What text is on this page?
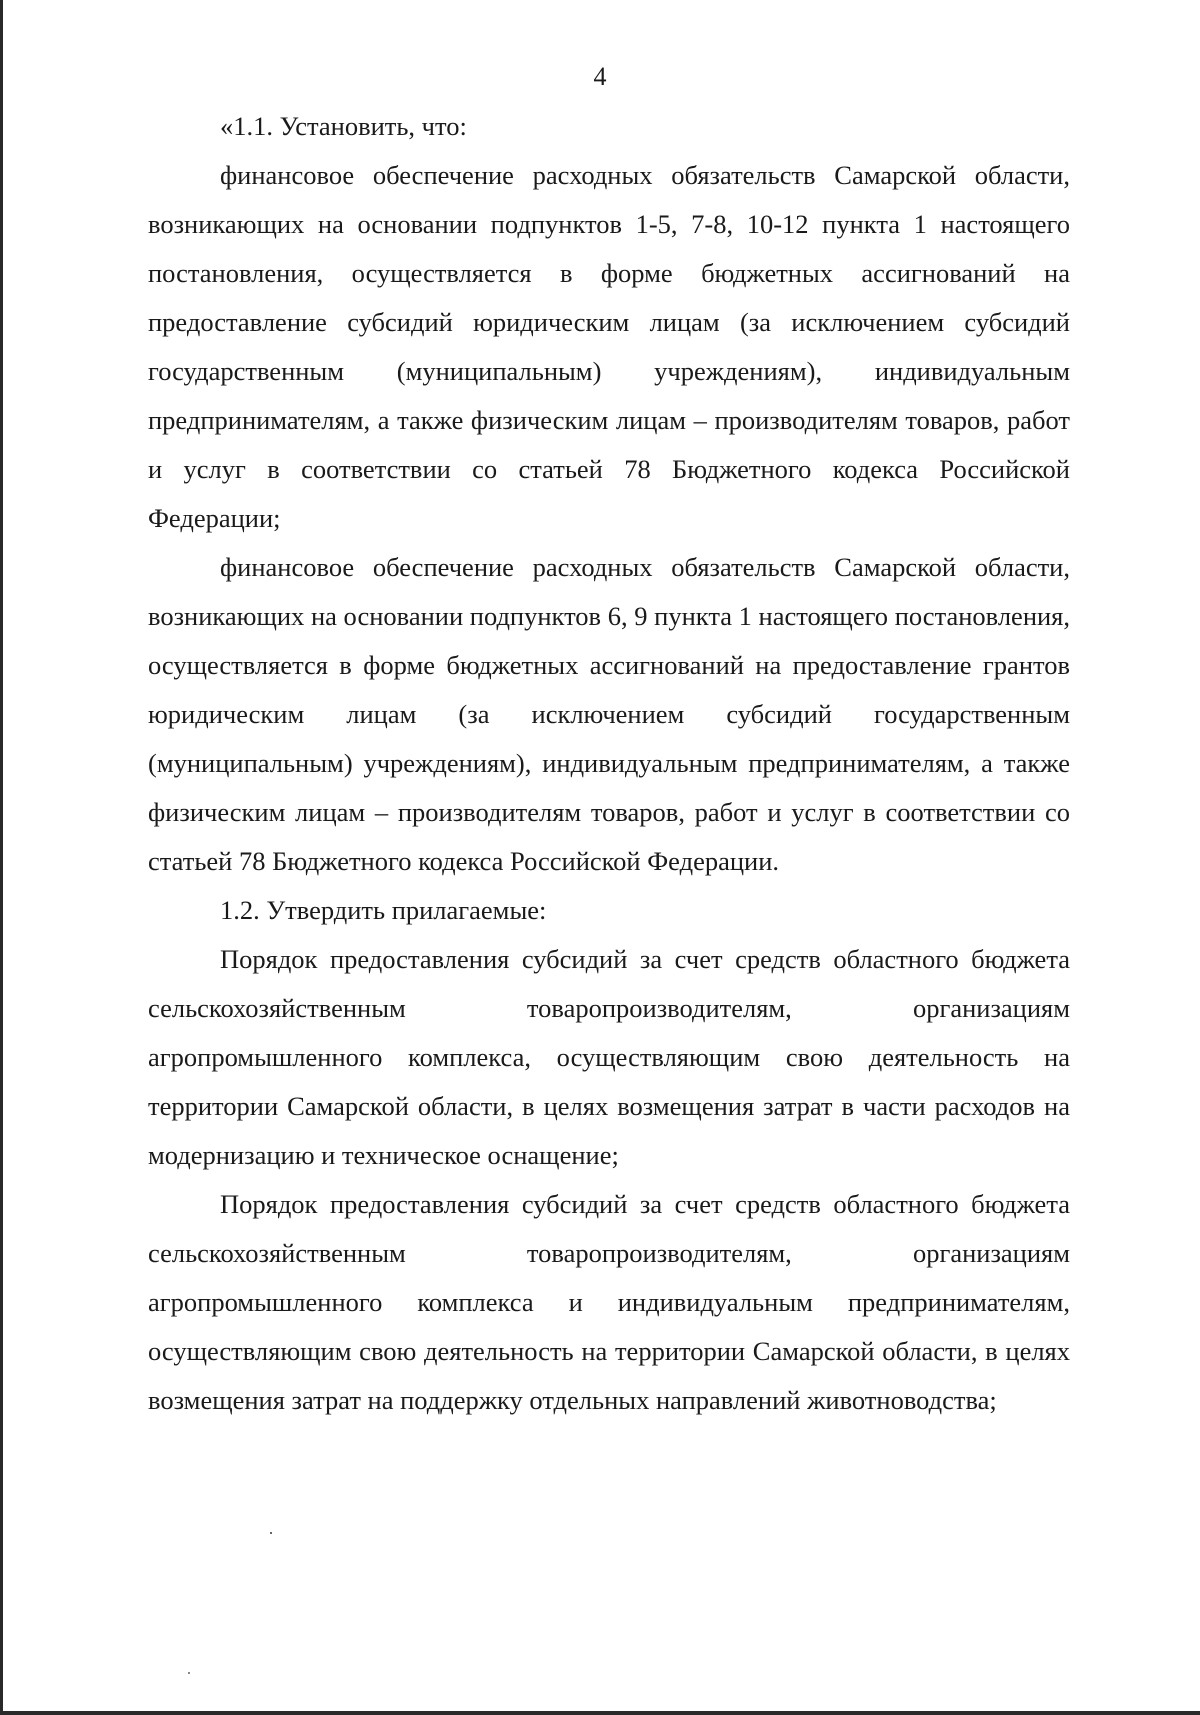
4

«1.1. Установить, что:

финансовое обеспечение расходных обязательств Самарской области, возникающих на основании подпунктов 1-5, 7-8, 10-12 пункта 1 настоящего постановления, осуществляется в форме бюджетных ассигнований на предоставление субсидий юридическим лицам (за исключением субсидий государственным (муниципальным) учреждениям), индивидуальным предпринимателям, а также физическим лицам – производителям товаров, работ и услуг в соответствии со статьей 78 Бюджетного кодекса Российской Федерации;

финансовое обеспечение расходных обязательств Самарской области, возникающих на основании подпунктов 6, 9 пункта 1 настоящего постановления, осуществляется в форме бюджетных ассигнований на предоставление грантов юридическим лицам (за исключением субсидий государственным (муниципальным) учреждениям), индивидуальным предпринимателям, а также физическим лицам – производителям товаров, работ и услуг в соответствии со статьей 78 Бюджетного кодекса Российской Федерации.

1.2. Утвердить прилагаемые:

Порядок предоставления субсидий за счет средств областного бюджета сельскохозяйственным товаропроизводителям, организациям агропромышленного комплекса, осуществляющим свою деятельность на территории Самарской области, в целях возмещения затрат в части расходов на модернизацию и техническое оснащение;

Порядок предоставления субсидий за счет средств областного бюджета сельскохозяйственным товаропроизводителям, организациям агропромышленного комплекса и индивидуальным предпринимателям, осуществляющим свою деятельность на территории Самарской области, в целях возмещения затрат на поддержку отдельных направлений животноводства;
